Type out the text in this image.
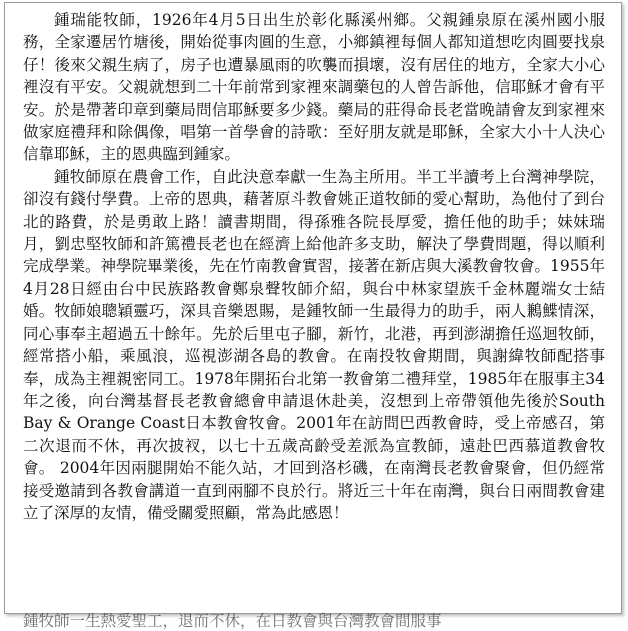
鍾瑞能牧師，1926年4月5日出生於彰化縣溪州鄉。父親鍾泉原在溪州國小服務，全家遷居竹塘後，開始從事肉圓的生意，小鄉鎮裡每個人都知道想吃肉圓要找泉仔！後來父親生病了，房子也遭暴風雨的吹襲而損壞，沒有居住的地方，全家大小心裡沒有平安。父親就想到二十年前常到家裡來調藥包的人曾告訴他，信耶穌才會有平安。於是帶著印章到藥局問信耶穌要多少錢。藥局的莊得命長老當晚請會友到家裡來做家庭禮拜和除偶像，唱第一首學會的詩歌：至好朋友就是耶穌，全家大小十人決心信靠耶穌，主的恩典臨到鍾家。

鍾牧師原在農會工作，自此決意奉獻一生為主所用。半工半讀考上台灣神學院，卻沒有錢付學費。上帝的恩典，藉著原斗教會姚正道牧師的愛心幫助，為他付了到台北的路費，於是勇敢上路！讀書期間，得孫雅各院長厚愛，擔任他的助手；妹妹瑞月，劉忠堅牧師和許篤禮長老也在經濟上給他許多支助，解決了學費問題，得以順利完成學業。神學院畢業後，先在竹南教會實習，接著在新店與大溪教會牧會。1955年4月28日經由台中民族路教會鄭泉聲牧師介紹，與台中林家望族千金林麗端女士結婚。牧師娘聰穎靈巧，深具音樂恩賜，是鍾牧師一生最得力的助手，兩人鶼鰈情深，同心事奉主超過五十餘年。先於后里屯子腳，新竹，北港，再到澎湖擔任巡迴牧師，經常搭小船，乘風浪，巡視澎湖各島的教會。在南投牧會期間，與謝緯牧師配搭事奉，成為主裡親密同工。1978年開拓台北第一教會第二禮拜堂，1985年在服事主34年之後，向台灣基督長老教會總會申請退休赴美，沒想到上帝帶領他先後於South Bay & Orange Coast日本教會牧會。2001年在訪問巴西教會時，受上帝感召，第二次退而不休，再次披衩，以七十五歲高齡受差派為宣教師，遠赴巴西慕道教會牧會。 2004年因兩腿開始不能久站，才回到洛杉磯，在南灣長老教會聚會，但仍經常接受邀請到各教會講道一直到兩腳不良於行。將近三十年在南灣，與台日兩間教會建立了深厚的友情，備受關愛照顧，常為此感恩！

鍾牧師一生熱愛聖工，退而不休，在日教會與台灣教會間服事
